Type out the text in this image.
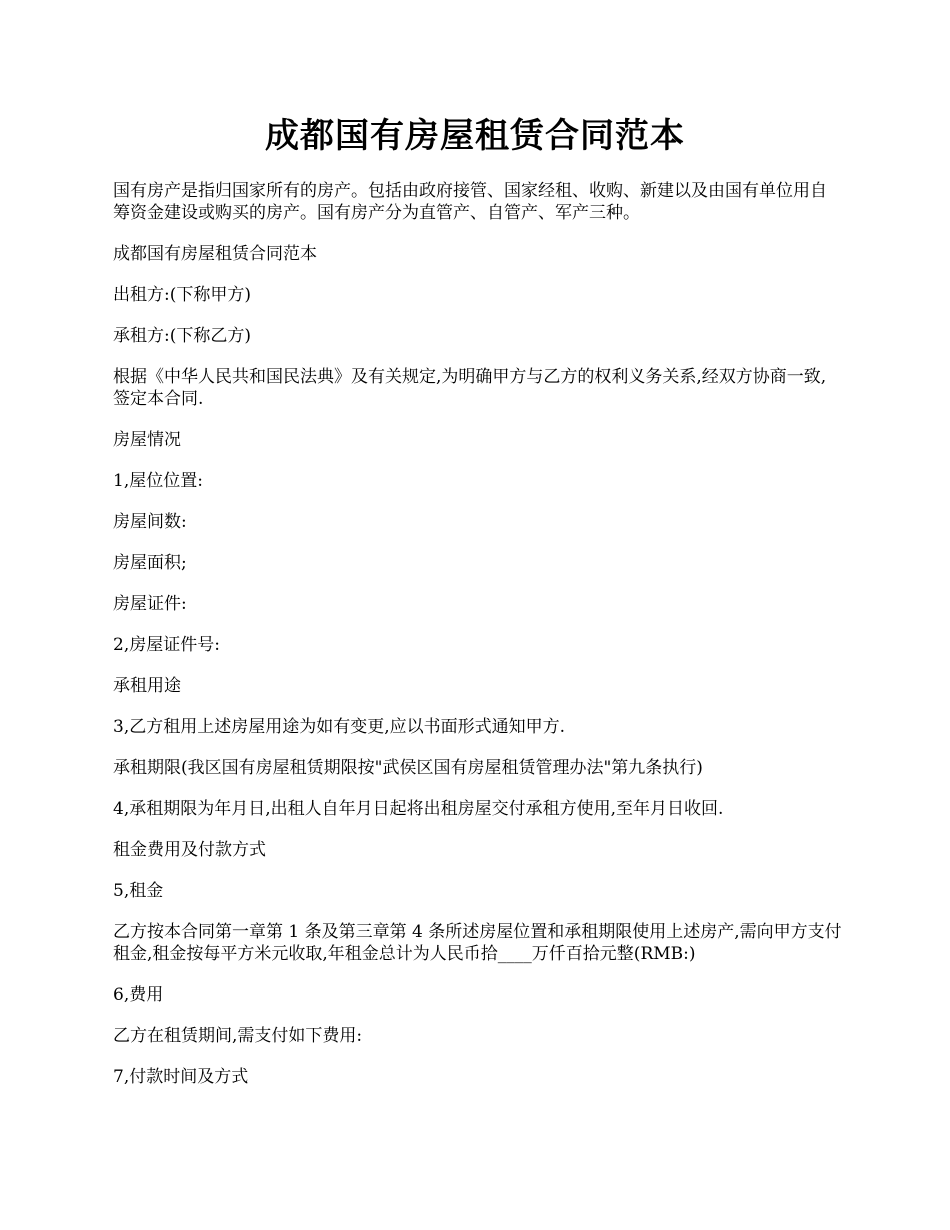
成都国有房屋租赁合同范本

国有房产是指归国家所有的房产。包括由政府接管、国家经租、收购、新建以及由国有单位用自筹资金建设或购买的房产。国有房产分为直管产、自管产、军产三种。

成都国有房屋租赁合同范本

出租方:(下称甲方)

承租方:(下称乙方)

根据《中华人民共和国民法典》及有关规定,为明确甲方与乙方的权利义务关系,经双方协商一致,签定本合同.

房屋情况

1,屋位位置:

房屋间数:

房屋面积;

房屋证件:

2,房屋证件号:

承租用途

3,乙方租用上述房屋用途为如有变更,应以书面形式通知甲方.

承租期限(我区国有房屋租赁期限按"武侯区国有房屋租赁管理办法"第九条执行)

4,承租期限为年月日,出租人自年月日起将出租房屋交付承租方使用,至年月日收回.

租金费用及付款方式

5,租金

乙方按本合同第一章第 1 条及第三章第 4 条所述房屋位置和承租期限使用上述房产,需向甲方支付租金,租金按每平方米元收取,年租金总计为人民币拾____万仟百拾元整(RMB:)

6,费用

乙方在租赁期间,需支付如下费用:

7,付款时间及方式
